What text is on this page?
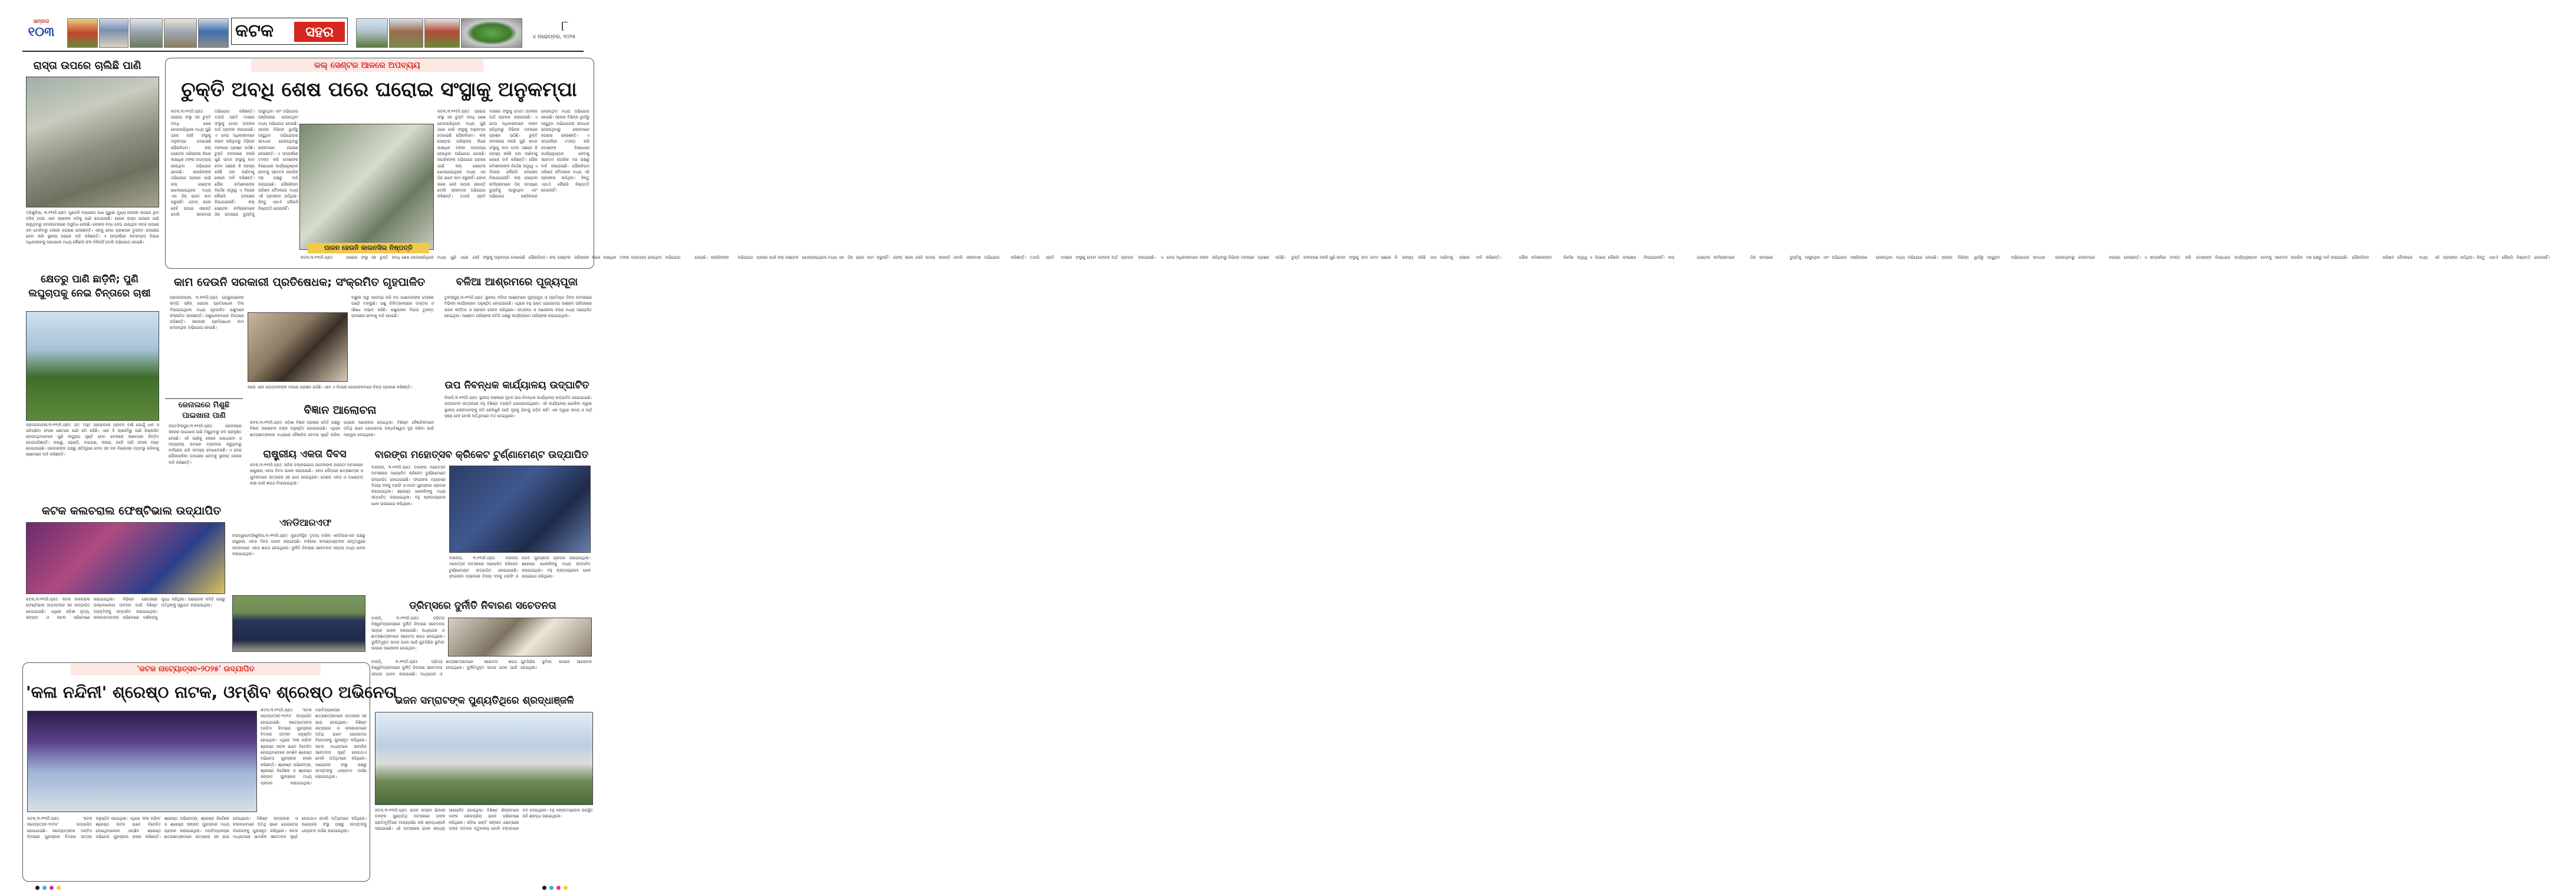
ସମ୍ବାଦ
୧୦୩	କଟକ	ସହର	୪ ନଭେମ୍ବର, ୨୦୨୫
୮
ରାସ୍ତା ଉପରେ ଚାଲିଛି ପାଣି
ତ୍ରିଶୁଳିଆ, ୩।୧୧(ନି.ପ୍ର): ମୁଣ୍ଡଳି ବ୍ୟାରେଜ ପାଖ ପୁରୁଣା ମୁଖ୍ୟ କେନାଲ ଉପରେ ଥିବା ବ୍ରିଜ୍ ଦେଇ ଏବେ ଚାଷୀଙ୍କ ଜମିକୁ ପାଣି ଛଡାଯାଉଛି। ହେଲେ ରାସ୍ତା ଉପରେ ପାଣି ଚାଲୁଥିବାରୁ ଗମନାଗମନରେ ଅସୁବିଧା ହେଉଛି। କେନାଲ ବନ୍ଧ ଦେଇ ଯାଉଥିବା ସଡକ ଉପରେ ଜଳ ବୋହିବାରୁ ଲୋକେ ହଇରାଣ ହେଉଛନ୍ତି। ଏହାକୁ ନେଇ ପ୍ରଶାସନ ତୁରନ୍ତ ପଦକ୍ଷେପ ନେବା ଲାଗି ସ୍ଥାନୀୟ ଲୋକେ ଦାବି କରିଛନ୍ତି। ଏ ସମ୍ପର୍କରେ ଜଳସମ୍ପଦ ବିଭାଗ ଅଧିକାରୀଙ୍କୁ ଜଣାଇଲେ ମଧ୍ୟ କୌଣସି ଫଳ ମିଳିନାହିଁ ବୋଲି ଅଭିଯୋଗ ହୋଇଛି।
କଲ୍ ସେଣ୍ଟର ଆଳରେ ଅପବ୍ୟୟ
ଚୁକ୍ତି ଅବଧି ଶେଷ ପରେ ଘରୋଇ ସଂସ୍ଥାକୁ ଅନୁକମ୍ପା
କଟକ,୩।୧୧(ନି.ପ୍ର): ଘରୋଇ ସଂସ୍ଥା ସହ ଚୁକ୍ତି ଅବଧି ଶେଷ ହୋଇସାରିଥିଲେ ମଧ୍ୟ ପୁଣି ଥରେ ସେହି ସଂସ୍ଥାକୁ ଅନୁକମ୍ପା ଦେଖାଇଛି ପୌରନିଗମ। କଲ୍ ସେଣ୍ଟର ପରିଚାଳନା ନାଁରେ ଲକ୍ଷାଧିକ ଟଙ୍କା ଅପବ୍ୟୟ ହେଉଥିବା ଅଭିଯୋଗ ହୋଇଛି। ନାଗରିକଙ୍କ ଅଭିଯୋଗ ଗ୍ରହଣ ପାଇଁ କଲ୍ ସେଣ୍ଟର ଖୋଲାଯାଇଥିଲେ ମଧ୍ୟ ଏହା ଠିକ୍ ଭାବେ କାମ କରୁନାହିଁ। ଫୋନ୍ କଲେ କେହି ଉଠାଉ ନାହାନ୍ତି ବୋଲି ସହରବାସୀ ଅଭିଯୋଗ କରିଛନ୍ତି। ତଥାପି ପ୍ରତି ମାସରେ ସଂସ୍ଥାକୁ ମୋଟା ଅଙ୍କର ଅର୍ଥ ପ୍ରଦାନ କରାଯାଉଛି। ଏ ନେଇ ଅଧିକାରୀମାନେ ନୀରବ ରହିଥିବାରୁ ବିଭିନ୍ନ ମହଲରେ ପ୍ରଶ୍ନ ଉଠିଛି। ଚୁକ୍ତି ନବୀକରଣ ନକରି ପୁଣି ସମାନ ସଂସ୍ଥାକୁ କାମ ଦେବା ପଛରେ କି ରହସ୍ୟ ରହିଛି ତାହା ଜାଣିବାକୁ ଲୋକେ ଦାବି କରିଛନ୍ତି। ପୌର କମିଶନରଙ୍କ ନିର୍ଦ୍ଦେଶ ସତ୍ତ୍ୱେ ଏ ଦିଗରେ କୌଣସି ପଦକ୍ଷେପ ନିଆଯାଇନାହିଁ। କଲ୍ ସେଣ୍ଟର କର୍ମଚାରୀମାନେ ଠିକ୍ ସମୟରେ ଡ୍ୟୁଟିକୁ ଆସୁନଥିବା ଏବଂ ଅଭିଯୋଗ ପଞ୍ଜିକରଣ ହେଉନଥିବା ମଧ୍ୟ ଅଭିଯୋଗ ହୋଇଛି। ସହରର ବିଭିନ୍ନ ୱାର୍ଡରୁ ଆସୁଥିବା ଅଭିଯୋଗର ସମାଧାନ ହେଉନଥିବାରୁ ଲୋକମାନେ ହଇରାଣ ହେଉଛନ୍ତି। ଏ ସମ୍ପର୍କରେ ତଦନ୍ତ କରି ଦୋଷୀଙ୍କ ବିରୋଧରେ କାର୍ଯ୍ୟାନୁଷ୍ଠାନ ନେବାକୁ ସଚେତନ ନାଗରିକ ମଞ୍ଚ ପକ୍ଷରୁ ଦାବି କରାଯାଇଛି। ପୌରନିଗମ ପରିଷଦ ବୈଠକରେ ମଧ୍ୟ ଏହି ପ୍ରସଙ୍ଗ ଉଠିଥିଲା। କିନ୍ତୁ ଏଯାଏଁ କୌଣସି ନିଷ୍ପତ୍ତି ହୋଇନାହିଁ।
ପାଳନ ହେଉନି କାଉନସିଲ ନିଷ୍ପତ୍ତି
କଟକ,୩।୧୧(ନି.ପ୍ର): ଘରୋଇ ସଂସ୍ଥା ସହ ଚୁକ୍ତି ଅବଧି ଶେଷ ହୋଇସାରିଥିଲେ ମଧ୍ୟ ପୁଣି ଥରେ ସେହି ସଂସ୍ଥାକୁ ଅନୁକମ୍ପା ଦେଖାଇଛି ପୌରନିଗମ। କଲ୍ ସେଣ୍ଟର ପରିଚାଳନା ନାଁରେ ଲକ୍ଷାଧିକ ଟଙ୍କା ଅପବ୍ୟୟ ହେଉଥିବା ଅଭିଯୋଗ ହୋଇଛି। ନାଗରିକଙ୍କ ଅଭିଯୋଗ ଗ୍ରହଣ ପାଇଁ କଲ୍ ସେଣ୍ଟର ଖୋଲାଯାଇଥିଲେ ମଧ୍ୟ ଏହା ଠିକ୍ ଭାବେ କାମ କରୁନାହିଁ। ଫୋନ୍ କଲେ କେହି ଉଠାଉ ନାହାନ୍ତି ବୋଲି ସହରବାସୀ ଅଭିଯୋଗ କରିଛନ୍ତି। ତଥାପି ପ୍ରତି ମାସରେ ସଂସ୍ଥାକୁ ମୋଟା ଅଙ୍କର ଅର୍ଥ ପ୍ରଦାନ କରାଯାଉଛି। ଏ ନେଇ ଅଧିକାରୀମାନେ ନୀରବ ରହିଥିବାରୁ ବିଭିନ୍ନ ମହଲରେ ପ୍ରଶ୍ନ ଉଠିଛି। ଚୁକ୍ତି ନବୀକରଣ ନକରି ପୁଣି ସମାନ ସଂସ୍ଥାକୁ କାମ ଦେବା ପଛରେ କି ରହସ୍ୟ ରହିଛି ତାହା ଜାଣିବାକୁ ଲୋକେ ଦାବି କରିଛନ୍ତି। ପୌର କମିଶନରଙ୍କ ନିର୍ଦ୍ଦେଶ ସତ୍ତ୍ୱେ ଏ ଦିଗରେ କୌଣସି ପଦକ୍ଷେପ ନିଆଯାଇନାହିଁ। କଲ୍ ସେଣ୍ଟର କର୍ମଚାରୀମାନେ ଠିକ୍ ସମୟରେ ଡ୍ୟୁଟିକୁ ଆସୁନଥିବା ଏବଂ ଅଭିଯୋଗ ପଞ୍ଜିକରଣ ହେଉନଥିବା ମଧ୍ୟ ଅଭିଯୋଗ ହୋଇଛି। ସହରର ବିଭିନ୍ନ ୱାର୍ଡରୁ ଆସୁଥିବା ଅଭିଯୋଗର ସମାଧାନ ହେଉନଥିବାରୁ ଲୋକମାନେ ହଇରାଣ ହେଉଛନ୍ତି। ଏ ସମ୍ପର୍କରେ ତଦନ୍ତ କରି ଦୋଷୀଙ୍କ ବିରୋଧରେ କାର୍ଯ୍ୟାନୁଷ୍ଠାନ ନେବାକୁ ସଚେତନ ନାଗରିକ ମଞ୍ଚ ପକ୍ଷରୁ ଦାବି କରାଯାଇଛି। ପୌରନିଗମ ପରିଷଦ ବୈଠକରେ ମଧ୍ୟ ଏହି ପ୍ରସଙ୍ଗ ଉଠିଥିଲା। କିନ୍ତୁ ଏଯାଏଁ କୌଣସି ନିଷ୍ପତ୍ତି ହୋଇନାହିଁ।
କଟକ,୩।୧୧(ନି.ପ୍ର): ଘରୋଇ ସଂସ୍ଥା ସହ ଚୁକ୍ତି ଅବଧି ଶେଷ ହୋଇସାରିଥିଲେ ମଧ୍ୟ ପୁଣି ଥରେ ସେହି ସଂସ୍ଥାକୁ ଅନୁକମ୍ପା ଦେଖାଇଛି ପୌରନିଗମ। କଲ୍ ସେଣ୍ଟର ପରିଚାଳନା ନାଁରେ ଲକ୍ଷାଧିକ ଟଙ୍କା ଅପବ୍ୟୟ ହେଉଥିବା ଅଭିଯୋଗ ହୋଇଛି। ନାଗରିକଙ୍କ ଅଭିଯୋଗ ଗ୍ରହଣ ପାଇଁ କଲ୍ ସେଣ୍ଟର ଖୋଲାଯାଇଥିଲେ ମଧ୍ୟ ଏହା ଠିକ୍ ଭାବେ କାମ କରୁନାହିଁ। ଫୋନ୍ କଲେ କେହି ଉଠାଉ ନାହାନ୍ତି ବୋଲି ସହରବାସୀ ଅଭିଯୋଗ କରିଛନ୍ତି। ତଥାପି ପ୍ରତି ମାସରେ ସଂସ୍ଥାକୁ ମୋଟା ଅଙ୍କର ଅର୍ଥ ପ୍ରଦାନ କରାଯାଉଛି। ଏ ନେଇ ଅଧିକାରୀମାନେ ନୀରବ ରହିଥିବାରୁ ବିଭିନ୍ନ ମହଲରେ ପ୍ରଶ୍ନ ଉଠିଛି। ଚୁକ୍ତି ନବୀକରଣ ନକରି ପୁଣି ସମାନ ସଂସ୍ଥାକୁ କାମ ଦେବା ପଛରେ କି ରହସ୍ୟ ରହିଛି ତାହା ଜାଣିବାକୁ ଲୋକେ ଦାବି କରିଛନ୍ତି। ପୌର କମିଶନରଙ୍କ ନିର୍ଦ୍ଦେଶ ସତ୍ତ୍ୱେ ଏ ଦିଗରେ କୌଣସି ପଦକ୍ଷେପ ନିଆଯାଇନାହିଁ। କଲ୍ ସେଣ୍ଟର କର୍ମଚାରୀମାନେ ଠିକ୍ ସମୟରେ ଡ୍ୟୁଟିକୁ ଆସୁନଥିବା ଏବଂ ଅଭିଯୋଗ ପଞ୍ଜିକରଣ ହେଉନଥିବା ମଧ୍ୟ ଅଭିଯୋଗ ହୋଇଛି। ସହରର ବିଭିନ୍ନ ୱାର୍ଡରୁ ଆସୁଥିବା ଅଭିଯୋଗର ସମାଧାନ ହେଉନଥିବାରୁ ଲୋକମାନେ ହଇରାଣ ହେଉଛନ୍ତି। ଏ ସମ୍ପର୍କରେ ତଦନ୍ତ କରି ଦୋଷୀଙ୍କ ବିରୋଧରେ କାର୍ଯ୍ୟାନୁଷ୍ଠାନ ନେବାକୁ ସଚେତନ ନାଗରିକ ମଞ୍ଚ ପକ୍ଷରୁ ଦାବି କରାଯାଇଛି। ପୌରନିଗମ ପରିଷଦ ବୈଠକରେ ମଧ୍ୟ ଏହି ପ୍ରସଙ୍ଗ ଉଠିଥିଲା। କିନ୍ତୁ ଏଯାଏଁ କୌଣସି ନିଷ୍ପତ୍ତି ହୋଇନାହିଁ।
କ୍ଷେତରୁ ପାଣି ଛାଡ଼ିନି; ପୁଣି
ଲଘୁଚାପକୁ ନେଇ ଚିନ୍ତାରେ ଚାଷୀ
ପ୍ରତାପନଗରୀ,୩।୧୧(ନି.ପ୍ର): ଗତ 'ମନ୍ଥା' ପ୍ରଭାବରେ ପ୍ରବଳ ବର୍ଷା ଯୋଗୁଁ ଧାନ ଓ ପନିପରିବା ଫସଲ କ୍ଷେତରେ ପାଣି ଜମି ରହିଛି। ଏବେ ବି ଚାଷଜମିରୁ ପାଣି ନିଷ୍କାସିତ ହୋଇନଥିବାବେଳେ ପୁଣି ଲଘୁଚାପ ସୃଷ୍ଟି ହେବା ଖବରରେ ଚାଷୀମାନେ ଚିନ୍ତିତ ହୋଇପଡ଼ିଛନ୍ତି। କଖାରୁ, ଭେଣ୍ଡି, ବାଇଗଣ, କଲରା, ଜହ୍ନି ଆଦି ଫସଲ ନଷ୍ଟ ହୋଇଯାଇଛି। ସରକାରଙ୍କ ପକ୍ଷରୁ କ୍ଷତିପୂରଣ ଦେବା ସହ ଜଳ ନିଷ୍କାସନ ବ୍ୟବସ୍ଥା କରିବାକୁ ଚାଷୀମାନେ ଦାବି କରିଛନ୍ତି।
କାମ ଦେଉନି ସରକାରୀ ପ୍ରତିଷେଧକ; ସଂକ୍ରମିତ ଗୃହପାଳିତ
ପ୍ରତାପନଗରୀ, ୩।୧୧(ନି.ପ୍ର): ଗୋରୁଗାଈଙ୍କ ଲମ୍ପି ସ୍କିନ୍ ରୋଗର ପ୍ରତିଷେଧକ ଟିକା ଦିଆଯାଇଥିଲେ ମଧ୍ୟ ଗୃହପାଳିତ ପଶୁମାନେ ସଂକ୍ରମିତ ହେଉଛନ୍ତି। ପଶୁପାଳକମାନେ ଚିନ୍ତାରେ ପଡ଼ିଛନ୍ତି। ସରକାରୀ ପ୍ରତିଷେଧକ କାମ ଦେଉନଥିବା ଅଭିଯୋଗ ହୋଇଛି।
ବାଛୁରୀ ଠାରୁ ଆରମ୍ଭ କରି ବଡ଼ ଗାଈମାନଙ୍କ ଦେହରେ ଗଣ୍ଠି ବାହାରୁଛି। ପଶୁ ଚିକିତ୍ସାଳୟରେ ଡାକ୍ତର ଓ ଔଷଧ ଅଭାବ ରହିଛି। ପଶୁପାଳନ ବିଭାଗ ତୁରନ୍ତ ପଦକ୍ଷେପ ନେବାକୁ ଦାବି ହୋଇଛି।
କଲେ ଏବେ ଗୋପାଳକଙ୍କ ମନରେ ପ୍ରଶ୍ନ ଉଠିଛି। ଏବେ ଏ ଦିଗରେ ଗୋପାଳକମାନେ ଚିନ୍ତା ପ୍ରକାଶ କରିଛନ୍ତି।
ବଳିଆ ଆଶ୍ରମରେ ପୂଜ୍ୟପୂଜା
ତୁଳସୀପୁର,୩।୧୧(ନି.ପ୍ର): ସ୍ଥାନୀୟ ବଳିଆ ଆଶ୍ରମରେ ପୂଜ୍ୟପୂଜା ଓ ପ୍ରତିଷ୍ଠା ଦିବସ ଅବସରରେ ବିଭିନ୍ନ କାର୍ଯ୍ୟକ୍ରମ ଅନୁଷ୍ଠିତ ହୋଇଯାଇଛି। ଏଥିରେ ବହୁ ଭକ୍ତ ଯୋଗଦେଇ ଆଶ୍ରମ ପରିସରରେ ଭଜନ କୀର୍ତ୍ତନ ଓ ପ୍ରସାଦ ସେବନ କରିଥିଲେ। ସତ୍ସଙ୍ଗ ଓ ଆଲୋଚନା ଚକ୍ର ମଧ୍ୟ ଆୟୋଜିତ ହୋଇଥିଲା। ଆଶ୍ରମ ପରିଚାଳନା କମିଟି ପକ୍ଷରୁ କାର୍ଯ୍ୟକ୍ରମ ପରିଚାଳନା କରାଯାଇଥିଲା।
ଉପ ନିବନ୍ଧକ କାର୍ଯ୍ୟାଳୟ ଉଦ୍‌ଘାଟିତ
ନିଆଳି,୩।୧୧(ନି.ପ୍ର): ସ୍ଥାନୀୟ ଅଞ୍ଚଳରେ ନୂତନ ଉପ ନିବନ୍ଧକ କାର୍ଯ୍ୟାଳୟ ଉଦ୍‌ଘାଟିତ ହୋଇଯାଇଛି। ଉଦ୍‌ଘାଟନୀ ଉତ୍ସବରେ ବହୁ ବିଶିଷ୍ଟ ବ୍ୟକ୍ତି ଯୋଗଦେଇଥିଲେ। ଏହି କାର୍ଯ୍ୟାଳୟ ଖୋଲିବା ଦ୍ୱାରା ସ୍ଥାନୀୟ ଲୋକମାନଙ୍କୁ ଜମି ରେଜିଷ୍ଟ୍ରି ପାଇଁ ଦୂରକୁ ଯିବାକୁ ପଡ଼ିବ ନାହିଁ। ଏହା ଦ୍ୱାରା ସମୟ ଓ ଅର୍ଥ ସଞ୍ଚୟ ହେବ ବୋଲି ଅତିଥିମାନେ ମତ ଦେଇଥିଲେ।
କେନାଲରେ ମିଶୁଛି
ପାଇଖାନା ପାଣି
ଜଗତସିଂହପୁର,୩।୧୧(ନି.ପ୍ର): କେନାଲରେ ସହରର ପାଇଖାନା ପାଣି ମିଶୁଥିବାରୁ ଜଳ ପ୍ରଦୂଷିତ ହେଉଛି। ଏହି ପାଣିକୁ ଲୋକେ ଗାଧୋଇବା ଓ ଅନ୍ୟାନ୍ୟ କାମରେ ବ୍ୟବହାର କରୁଥିବାରୁ ଚର୍ମରୋଗ ଭଳି ସମସ୍ୟା ଦେଖାଦେଉଛି। ଏ ନେଇ ପୌରପାଳିକା ପଦକ୍ଷେପ ନେବାକୁ ସ୍ଥାନୀୟ ଲୋକେ ଦାବି କରିଛନ୍ତି।
ବିଜ୍ଞାନ ଆଲୋଚନା
କଟକ,୩।୧୧(ନି.ପ୍ର): ଓଡ଼ିଶା ବିଜ୍ଞାନ ପ୍ରଚାର ସମିତି ପକ୍ଷରୁ ବିଜ୍ଞାନ ଆଲୋଚନା ଚକ୍ର ଅନୁଷ୍ଠିତ ହୋଇଯାଇଛି। ଏଥିରେ ଛାତ୍ରଛାତ୍ରୀଙ୍କ ମଧ୍ୟରେ ବୈଜ୍ଞାନିକ ଚେତନା ସୃଷ୍ଟି କରିବା ଉପରେ ଆଲୋଚନା ହୋଇଥିଲା। ବିଶିଷ୍ଟ ବୈଜ୍ଞାନିକମାନେ ଅତିଥି ଭାବେ ଯୋଗଦେଇ ଅନ୍ଧବିଶ୍ୱାସ ଦୂର କରିବା ପାଇଁ ଆହ୍ୱାନ ଦେଇଥିଲେ।
ରାଷ୍ଟ୍ରୀୟ ଏକତା ଦିବସ
କଟକ,୩।୧୧(ନି.ପ୍ର): ସର୍ଦ୍ଦାର ବଲ୍ଲଭଭାଇ ପଟେଲଙ୍କ ଜୟନ୍ତୀ ଅବସରରେ ରାଷ୍ଟ୍ରୀୟ ଏକତା ଦିବସ ପାଳନ କରାଯାଇଛି। ଏକତା ଦୌଡ଼ରେ ଛାତ୍ରଛାତ୍ରୀ ଓ ଯୁବକମାନେ ଉତ୍ସାହର ସହ ଭାଗ ନେଇଥିଲେ। ଦେଶର ଏକତା ଓ ଅଖଣ୍ଡତା ରକ୍ଷା ପାଇଁ ଶପଥ ନିଆଯାଇଥିଲା।
କଟକ କଲଚରାଲ ଫେଷ୍ଟିଭାଲ ଉଦ୍‌ଯାପିତ
କଟକ,୩।୧୧(ନି.ପ୍ର): କଟକ କଲଚରାଲ ଫେଷ୍ଟିଭାଲ ଆଡ଼ମ୍ବରର ସହ ଉଦ୍‌ଯାପିତ ହୋଇଯାଇଛି। ଏଥିରେ ଓଡ଼ିଶୀ ନୃତ୍ୟ, ସଙ୍ଗୀତ ଓ ନାଟକ ପରିବେଷଣ କରାଯାଇଥିଲା। ବିଭିନ୍ନ କ୍ଷେତ୍ରରେ ଉଲ୍ଲେଖନୀୟ ଅବଦାନ ପାଇଁ ବିଶିଷ୍ଟ ବ୍ୟକ୍ତିଙ୍କୁ ସମ୍ମାନିତ କରାଯାଇଥିଲା। କଳାକାରମାନଙ୍କ ପରିବେଷଣ ଦର୍ଶକଙ୍କୁ ମୁଗ୍ଧ କରିଥିଲା। ଆୟୋଜକ କମିଟି ପକ୍ଷରୁ ଅତିଥିଙ୍କୁ ସ୍ୱାଗତ କରାଯାଇଥିଲା।
ଏନଡିଆରଏଫ
ଚଉଦ୍ୱାର/ତ୍ରିଶୁଳିଆ,୩।୧୧(ନି.ପ୍ର): ମୁଣ୍ଡଳିସ୍ଥିତ ତୃତୀୟ ବାହିନୀ ଏନଡିଆରଏଫ ପକ୍ଷରୁ ରାଷ୍ଟ୍ରୀୟ ଏକତା ଦିବସ ପାଳନ କରାଯାଇଛି। ବାହିନୀର କମାଣ୍ଡାଣ୍ଟଙ୍କ ନେତୃତ୍ୱରେ ଜବାନମାନେ ଏକତା ଶପଥ ନେଇଥିଲେ। ଦୁର୍ନୀତି ନିବାରଣ ସଚେତନତା ସପ୍ତାହ ମଧ୍ୟ ପାଳନ କରାଯାଇଥିଲା।
ବାରଙ୍ଗ ମହୋତ୍ସବ କ୍ରିକେଟ ଟୁର୍ଣ୍ଣାମେଣ୍ଟ ଉଦ୍‌ଯାପିତ
ବାରଙ୍ଗ, ୩।୧୧(ନି.ପ୍ର): ବାରଙ୍ଗ ମହୋତ୍ସବ ଅବସରରେ ଆୟୋଜିତ କ୍ରିକେଟ ଟୁର୍ଣ୍ଣାମେଣ୍ଟ ଉଦ୍‌ଯାପିତ ହୋଇଯାଇଛି। ଫାଇନାଲ ମ୍ୟାଚରେ ବିଜୟୀ ଦଳକୁ ଟ୍ରଫି ଓ ନଗଦ ପୁରସ୍କାର ପ୍ରଦାନ କରାଯାଇଥିଲା। ଶ୍ରେଷ୍ଠ ଖେଳାଳିଙ୍କୁ ମଧ୍ୟ ସମ୍ମାନିତ କରାଯାଇଥିଲା। ବହୁ କ୍ରୀଡ଼ାପ୍ରେମୀ ଖେଳ ଉପଭୋଗ କରିଥିଲେ।
ବାରଙ୍ଗ, ୩।୧୧(ନି.ପ୍ର): ବାରଙ୍ଗ ମହୋତ୍ସବ ଅବସରରେ ଆୟୋଜିତ କ୍ରିକେଟ ଟୁର୍ଣ୍ଣାମେଣ୍ଟ ଉଦ୍‌ଯାପିତ ହୋଇଯାଇଛି। ଫାଇନାଲ ମ୍ୟାଚରେ ବିଜୟୀ ଦଳକୁ ଟ୍ରଫି ଓ ନଗଦ ପୁରସ୍କାର ପ୍ରଦାନ କରାଯାଇଥିଲା। ଶ୍ରେଷ୍ଠ ଖେଳାଳିଙ୍କୁ ମଧ୍ୟ ସମ୍ମାନିତ କରାଯାଇଥିଲା। ବହୁ କ୍ରୀଡ଼ାପ୍ରେମୀ ଖେଳ ଉପଭୋଗ କରିଥିଲେ।
ଡ୍ରିମ୍ସରେ ଦୁର୍ନୀତି ନିବାରଣ ସଚେତନତା
ଟାଙ୍ଗି, ୩।୧୧(ନି.ପ୍ର): ଡ୍ରିମ୍ସ ବିଶ୍ୱବିଦ୍ୟାଳୟରେ ଦୁର୍ନୀତି ନିବାରଣ ସଚେତନତା ସପ୍ତାହ ପାଳନ କରାଯାଇଛି। ଅଧ୍ୟାପକ ଓ ଛାତ୍ରଛାତ୍ରୀମାନେ ସଚ୍ଚୋଟତା ଶପଥ ନେଇଥିଲେ। ଦୁର୍ନୀତିମୁକ୍ତ ସମାଜ ଗଠନ ପାଇଁ ଯୁବପିଢ଼ିର ଭୂମିକା ଉପରେ ଆଲୋଚନା ହୋଇଥିଲା।
ଟାଙ୍ଗି, ୩।୧୧(ନି.ପ୍ର): ଡ୍ରିମ୍ସ ବିଶ୍ୱବିଦ୍ୟାଳୟରେ ଦୁର୍ନୀତି ନିବାରଣ ସଚେତନତା ସପ୍ତାହ ପାଳନ କରାଯାଇଛି। ଅଧ୍ୟାପକ ଓ ଛାତ୍ରଛାତ୍ରୀମାନେ ସଚ୍ଚୋଟତା ଶପଥ ନେଇଥିଲେ। ଦୁର୍ନୀତିମୁକ୍ତ ସମାଜ ଗଠନ ପାଇଁ ଯୁବପିଢ଼ିର ଭୂମିକା ଉପରେ ଆଲୋଚନା ହୋଇଥିଲା।
'କଟକ ନାଟ୍ୟୋତ୍ସବ-୨୦୨୫' ଉଦ୍‌ଯାପିତ
'କଳା ନନ୍ଦିନୀ' ଶ୍ରେଷ୍ଠ ନାଟକ, ଓମ୍‌ଶିବ ଶ୍ରେଷ୍ଠ ଅଭିନେତା
କଟକ,୩।୧୧(ନି.ପ୍ର): 'କଟକ ନାଟ୍ୟୋତ୍ସବ-୨୦୨୫' ଉଦ୍‌ଯାପିତ ହୋଇଯାଇଛି। ନାଟ୍ୟୋତ୍ସବର ଅନ୍ତିମ ଦିବସରେ ପୁରସ୍କାର ବିତରଣ ଉତ୍ସବ ଅନୁଷ୍ଠିତ ହୋଇଥିଲା। ଏଥିରେ 'କଳା ନନ୍ଦିନୀ' ଶ୍ରେଷ୍ଠ ନାଟକ ଭାବେ ବିବେଚିତ ହୋଇଥିବାବେଳେ ଓମ୍‌ଶିବ ଶ୍ରେଷ୍ଠ ଅଭିନେତା ପୁରସ୍କାର ହାସଲ କରିଛନ୍ତି। ଶ୍ରେଷ୍ଠ ଅଭିନେତ୍ରୀ, ଶ୍ରେଷ୍ଠ ନିର୍ଦ୍ଦେଶକ ଓ ଶ୍ରେଷ୍ଠ ସଙ୍ଗୀତ ପୁରସ୍କାର ମଧ୍ୟ ପ୍ରଦାନ କରାଯାଇଥିଲା। ମହାବିଦ୍ୟାଳୟର ଛାତ୍ରଛାତ୍ରୀମାନେ ଉତ୍ସାହର ସହ ଭାଗ ନେଇଥିଲେ। ବିଶିଷ୍ଟ ନାଟ୍ୟକାର ଓ କଳାକାରମାନେ ଅତିଥି ଭାବେ ଯୋଗଦେଇ ବିଜେତାଙ୍କୁ ପୁରସ୍କୃତ କରିଥିଲେ। ନାଟକ ମାଧ୍ୟମରେ ସାମାଜିକ ସଚେତନତା ସୃଷ୍ଟି ହୋଇଥାଏ ବୋଲି ଅତିଥିମାନେ କହିଥିଲେ। ଆୟୋଜକ ସଂସ୍ଥା ପକ୍ଷରୁ ସମସ୍ତଙ୍କୁ ଧନ୍ୟବାଦ ଅର୍ପଣ କରାଯାଇଥିଲା।
କଟକ,୩।୧୧(ନି.ପ୍ର): 'କଟକ ନାଟ୍ୟୋତ୍ସବ-୨୦୨୫' ଉଦ୍‌ଯାପିତ ହୋଇଯାଇଛି। ନାଟ୍ୟୋତ୍ସବର ଅନ୍ତିମ ଦିବସରେ ପୁରସ୍କାର ବିତରଣ ଉତ୍ସବ ଅନୁଷ୍ଠିତ ହୋଇଥିଲା। ଏଥିରେ 'କଳା ନନ୍ଦିନୀ' ଶ୍ରେଷ୍ଠ ନାଟକ ଭାବେ ବିବେଚିତ ହୋଇଥିବାବେଳେ ଓମ୍‌ଶିବ ଶ୍ରେଷ୍ଠ ଅଭିନେତା ପୁରସ୍କାର ହାସଲ କରିଛନ୍ତି। ଶ୍ରେଷ୍ଠ ଅଭିନେତ୍ରୀ, ଶ୍ରେଷ୍ଠ ନିର୍ଦ୍ଦେଶକ ଓ ଶ୍ରେଷ୍ଠ ସଙ୍ଗୀତ ପୁରସ୍କାର ମଧ୍ୟ ପ୍ରଦାନ କରାଯାଇଥିଲା। ମହାବିଦ୍ୟାଳୟର ଛାତ୍ରଛାତ୍ରୀମାନେ ଉତ୍ସାହର ସହ ଭାଗ ନେଇଥିଲେ। ବିଶିଷ୍ଟ ନାଟ୍ୟକାର ଓ କଳାକାରମାନେ ଅତିଥି ଭାବେ ଯୋଗଦେଇ ବିଜେତାଙ୍କୁ ପୁରସ୍କୃତ କରିଥିଲେ। ନାଟକ ମାଧ୍ୟମରେ ସାମାଜିକ ସଚେତନତା ସୃଷ୍ଟି ହୋଇଥାଏ ବୋଲି ଅତିଥିମାନେ କହିଥିଲେ। ଆୟୋଜକ ସଂସ୍ଥା ପକ୍ଷରୁ ସମସ୍ତଙ୍କୁ ଧନ୍ୟବାଦ ଅର୍ପଣ କରାଯାଇଥିଲା।
ଭଜନ ସମ୍ରାଟଙ୍କ ପୁଣ୍ୟତିଥିରେ ଶ୍ରଦ୍ଧାଞ୍ଜଳି
କଟକ,୩।୧୧(ନି.ପ୍ର): ଭଜନ ସମ୍ରାଟ ଭିକାରୀ ବଳଙ୍କ ପୁଣ୍ୟତିଥି ଅବସରରେ ତାଙ୍କ ପ୍ରତିମୂର୍ତ୍ତିରେ ମାଲ୍ୟାର୍ପଣ କରି ଶ୍ରଦ୍ଧାଞ୍ଜଳି ଜଣାଯାଇଛି। ଏହି ଅବସରରେ ଭଜନ ସନ୍ଧ୍ୟା ଆୟୋଜିତ ହୋଇଥିଲା। ବିଶିଷ୍ଟ ଶିଳ୍ପୀମାନେ ତାଙ୍କ ଲୋକପ୍ରିୟ ଭଜନ ପରିବେଷଣ କରିଥିଲେ। ଓଡ଼ିଆ ଭକ୍ତି ସଙ୍ଗୀତ କ୍ଷେତ୍ରରେ ତାଙ୍କ ଅବଦାନ ଅତୁଳନୀୟ ବୋଲି ବକ୍ତାମାନେ ମତ ଦେଇଥିଲେ। ବହୁ ସଙ୍ଗୀତପ୍ରେମୀ ଉପସ୍ଥିତ ରହି ଶ୍ରଦ୍ଧା ଜଣାଇଥିଲେ।
